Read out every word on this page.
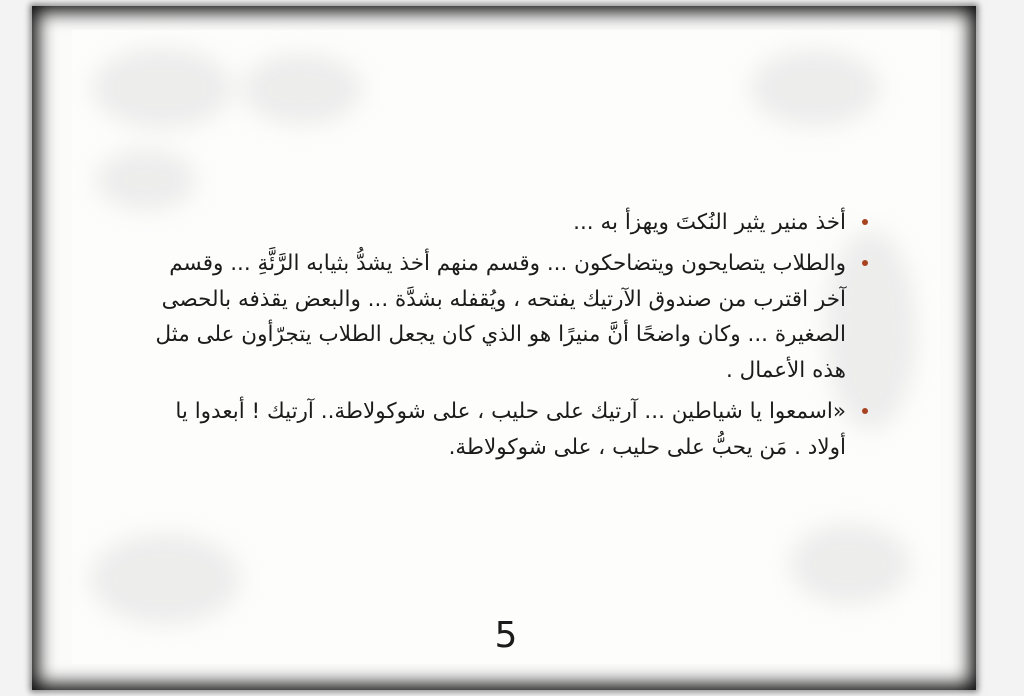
أخذ منير يثير النُكتَ ويهزأ به ...
والطلاب يتصايحون ويتضاحكون ... وقسم منهم أخذ يشدُّ بثيابه الرَّئَّةِ ... وقسم آخر اقترب من صندوق الآرتيك يفتحه ، ويُقفله بشدَّة ... والبعض يقذفه بالحصى الصغيرة ... وكان واضحًا أنَّ منيرًا هو الذي كان يجعل الطلاب يتجرّأون على مثل هذه الأعمال .
«اسمعوا يا شياطين ... آرتيك على حليب ، على شوكولاطة.. آرتيك ! أبعدوا يا أولاد . مَن يحبُّ على حليب ، على شوكولاطة.
5
